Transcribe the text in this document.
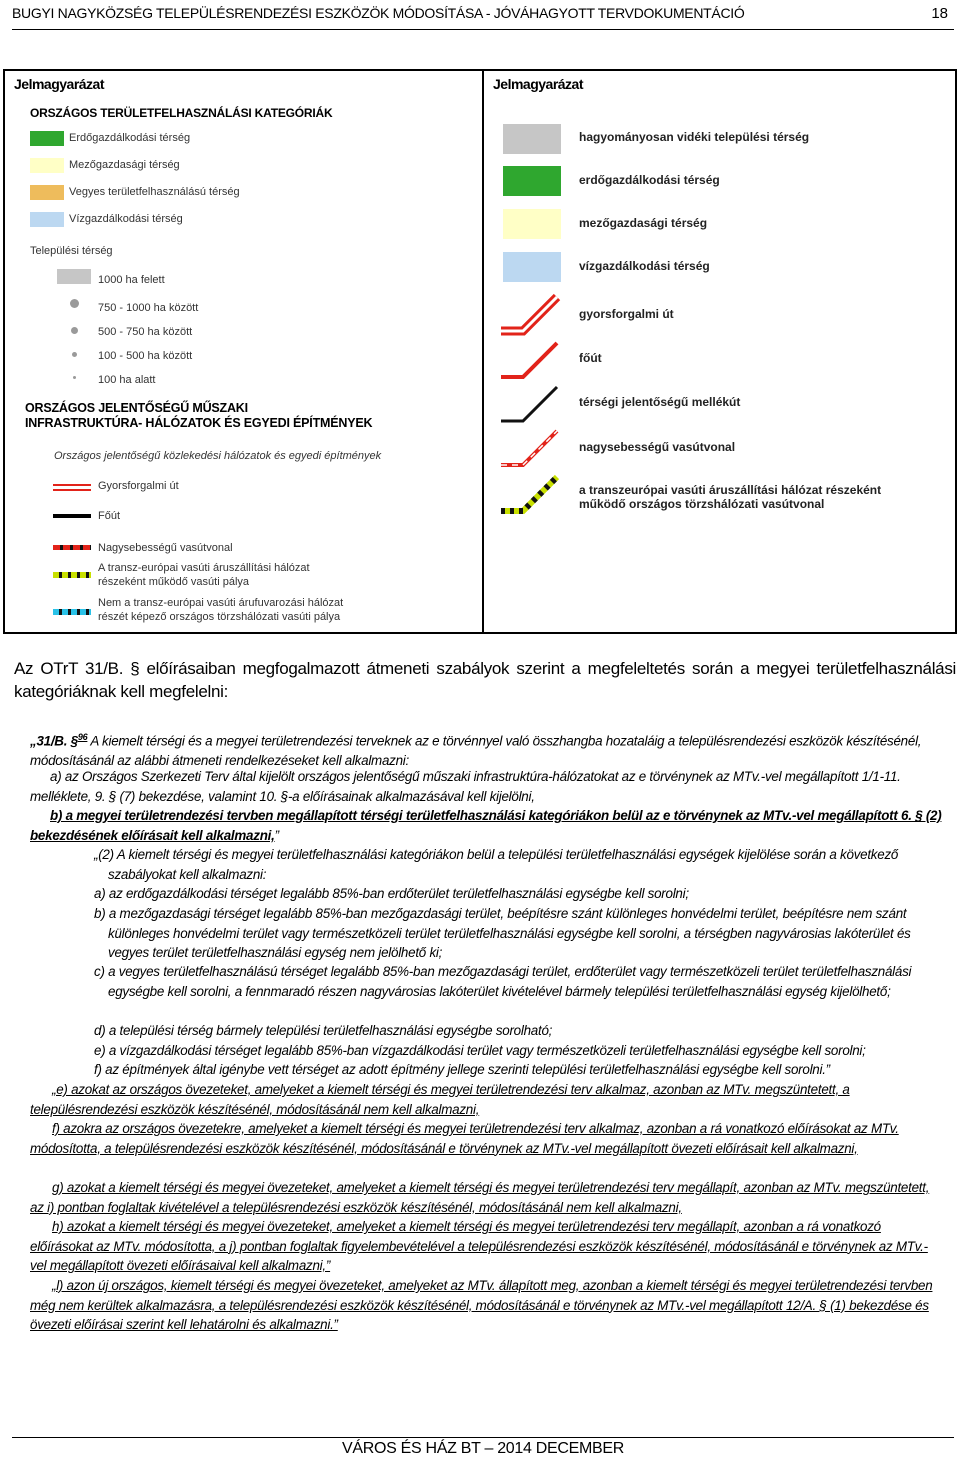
BUGYI NAGYKÖZSÉG TELEPÜLÉSRENDEZÉSI ESZKÖZÖK MÓDOSÍTÁSA - JÓVÁHAGYOTT TERVDOKUMENTÁCIÓ	18
Jelmagyarázat
ORSZÁGOS TERÜLETFELHASZNÁLÁSI KATEGÓRIÁK
Erdőgazdálkodási térség
Mezőgazdasági térség
Vegyes területfelhasználású térség
Vízgazdálkodási térség
Települési térség
1000 ha felett
750 - 1000 ha között
500 - 750 ha között
100 - 500 ha között
100 ha alatt
ORSZÁGOS JELENTŐSÉGŰ MŰSZAKI
INFRASTRUKTÚRA- HÁLÓZATOK ÉS EGYEDI ÉPÍTMÉNYEK
Országos jelentőségű közlekedési hálózatok és egyedi építmények
Gyorsforgalmi út
Főút
Nagysebességű vasútvonal
A transz-európai vasúti áruszállítási hálózat
részeként működő vasúti pálya
Nem a transz-európai vasúti árufuvarozási hálózat
részét képező országos törzshálózati vasúti pálya
Jelmagyarázat
hagyományosan vidéki települési térség
erdőgazdálkodási térség
mezőgazdasági térség
vízgazdálkodási térség
gyorsforgalmi út
főút
térségi jelentőségű mellékút
nagysebességű vasútvonal
a transzeurópai vasúti áruszállítási hálózat részeként
működő országos törzshálózati vasútvonal
Az OTrT 31/B. § előírásaiban megfogalmazott átmeneti szabályok szerint a megfeleltetés során a megyei területfelhasználási kategóriáknak kell megfelelni:
„31/B. §$^{96}$ A kiemelt térségi és a megyei területrendezési terveknek az e törvénnyel való összhangba hozataláig a településrendezési eszközök készítésénél, módosításánál az alábbi átmeneti rendelkezéseket kell alkalmazni:
a) az Országos Szerkezeti Terv által kijelölt országos jelentőségű műszaki infrastruktúra-hálózatokat az e törvénynek az MTv.-vel megállapított 1/1-11. melléklete, 9. § (7) bekezdése, valamint 10. §-a előírásainak alkalmazásával kell kijelölni,
b) a megyei területrendezési tervben megállapított térségi területfelhasználási kategóriákon belül az e törvénynek az MTv.-vel megállapított 6. § (2) bekezdésének előírásait kell alkalmazni,”
„(2) A kiemelt térségi és megyei területfelhasználási kategóriákon belül a települési területfelhasználási egységek kijelölése során a következő szabályokat kell alkalmazni:
a) az erdőgazdálkodási térséget legalább 85%-ban erdőterület területfelhasználási egységbe kell sorolni;
b) a mezőgazdasági térséget legalább 85%-ban mezőgazdasági terület, beépítésre szánt különleges honvédelmi terület, beépítésre nem szánt különleges honvédelmi terület vagy természetközeli terület területfelhasználási egységbe kell sorolni, a térségben nagyvárosias lakóterület és vegyes terület területfelhasználási egység nem jelölhető ki;
c) a vegyes területfelhasználású térséget legalább 85%-ban mezőgazdasági terület, erdőterület vagy természetközeli terület területfelhasználási egységbe kell sorolni, a fennmaradó részen nagyvárosias lakóterület kivételével bármely települési területfelhasználási egység kijelölhető;
d) a települési térség bármely települési területfelhasználási egységbe sorolható;
e) a vízgazdálkodási térséget legalább 85%-ban vízgazdálkodási terület vagy természetközeli területfelhasználási egységbe kell sorolni;
f) az építmények által igénybe vett térséget az adott építmény jellege szerinti települési területfelhasználási egységbe kell sorolni.”
„e) azokat az országos övezeteket, amelyeket a kiemelt térségi és megyei területrendezési terv alkalmaz, azonban az MTv. megszüntetett, a településrendezési eszközök készítésénél, módosításánál nem kell alkalmazni,
f) azokra az országos övezetekre, amelyeket a kiemelt térségi és megyei területrendezési terv alkalmaz, azonban a rá vonatkozó előírásokat az MTv. módosította, a településrendezési eszközök készítésénél, módosításánál e törvénynek az MTv.-vel megállapított övezeti előírásait kell alkalmazni,
g) azokat a kiemelt térségi és megyei övezeteket, amelyeket a kiemelt térségi és megyei területrendezési terv megállapít, azonban az MTv. megszüntetett, az i) pontban foglaltak kivételével a településrendezési eszközök készítésénél, módosításánál nem kell alkalmazni,
h) azokat a kiemelt térségi és megyei övezeteket, amelyeket a kiemelt térségi és megyei területrendezési terv megállapít, azonban a rá vonatkozó előírásokat az MTv. módosította, a j) pontban foglaltak figyelembevételével a településrendezési eszközök készítésénél, módosításánál e törvénynek az MTv.-vel megállapított övezeti előírásaival kell alkalmazni,”
„l) azon új országos, kiemelt térségi és megyei övezeteket, amelyeket az MTv. állapított meg, azonban a kiemelt térségi és megyei területrendezési tervben még nem kerültek alkalmazásra, a településrendezési eszközök készítésénél, módosításánál e törvénynek az MTv.-vel megállapított 12/A. § (1) bekezdése és övezeti előírásai szerint kell lehatárolni és alkalmazni.”
VÁROS ÉS HÁZ BT – 2014 DECEMBER
